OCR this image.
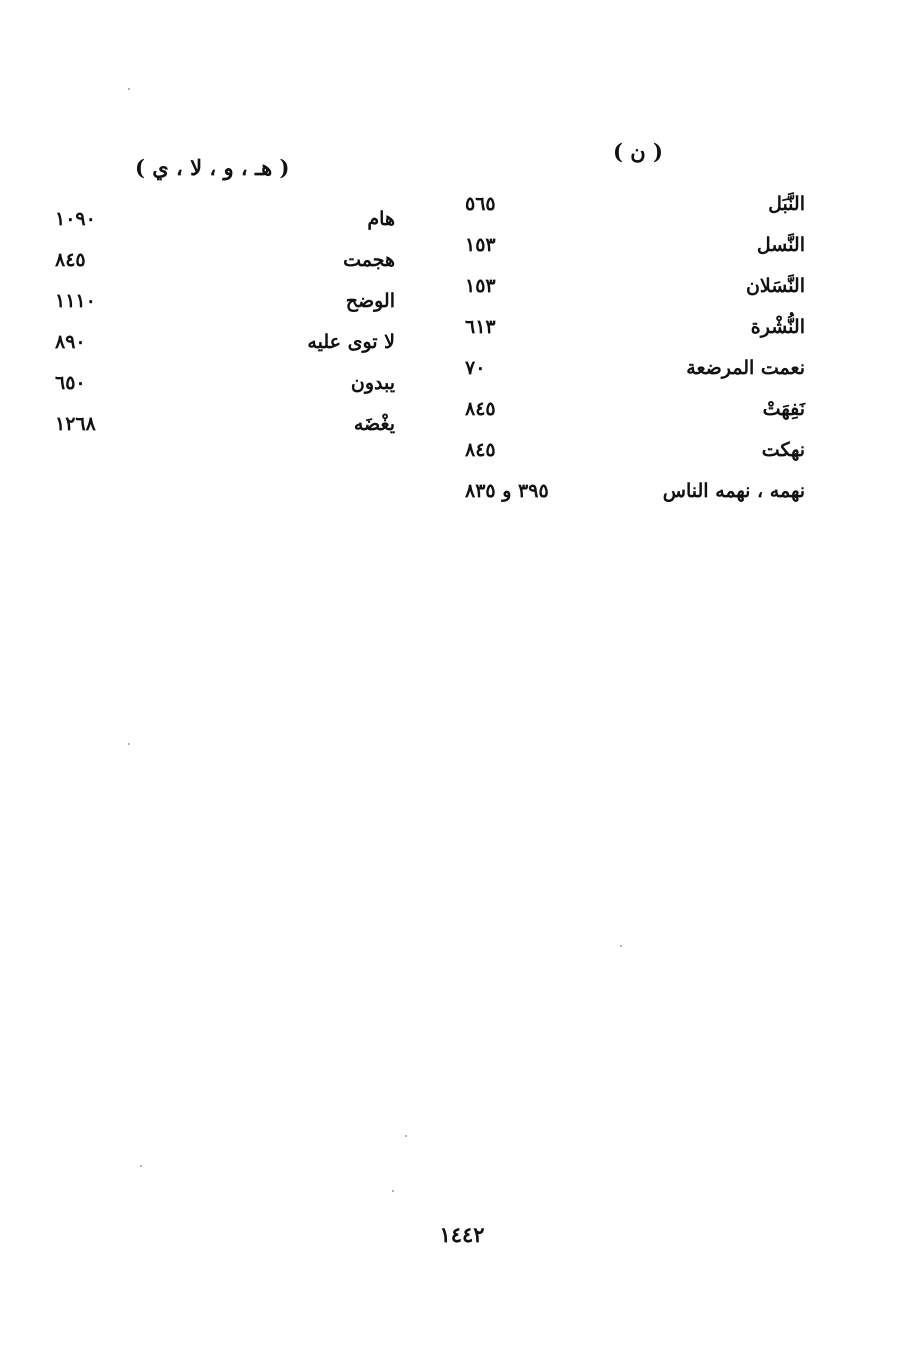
( ن )
النَّبَل
٥٦٥
النَّسل
١٥٣
النَّسَلان
١٥٣
النُّشْرة
٦١٣
نعمت المرضعة
٧٠
نَفِهَتْ
٨٤٥
نهكت
٨٤٥
نهمه ، نهمه الناس
٣٩٥ و ٨٣٥
( هـ ، و ، لا ، ي )
هام
١٠٩٠
هجمت
٨٤٥
الوضح
١١١٠
لا توى عليه
٨٩٠
يبدون
٦٥٠
يغْضَه
١٢٦٨
١٤٤٢
